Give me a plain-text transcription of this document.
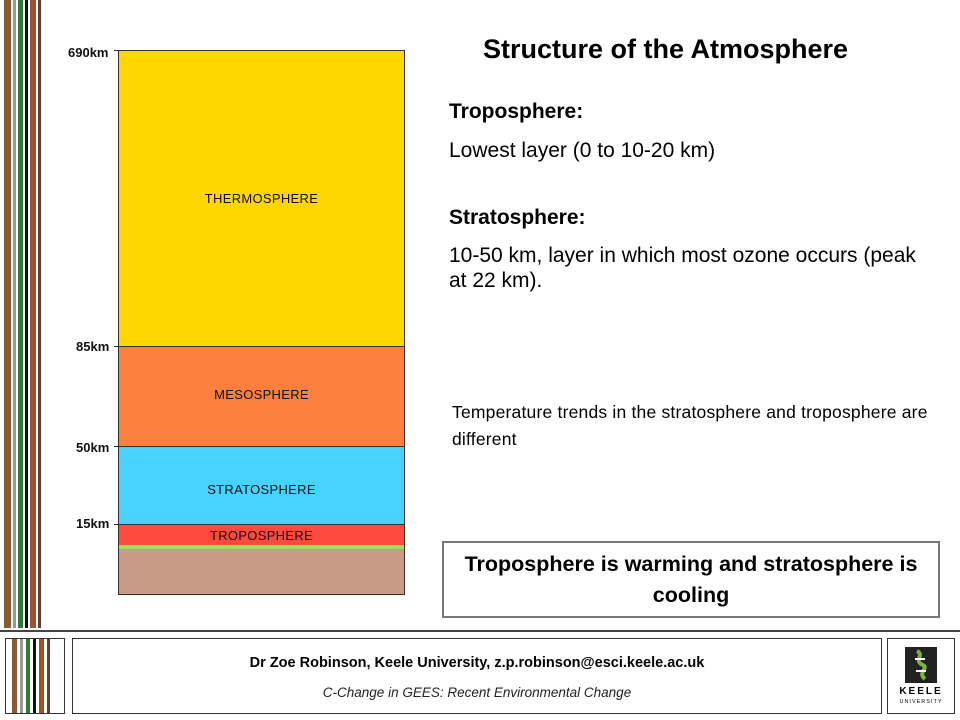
THERMOSPHERE
MESOSPHERE
STRATOSPHERE
TROPOSPHERE
690km
85km
50km
15km
Structure of the Atmosphere
Troposphere:
Lowest layer (0 to 10-20 km)
Stratosphere:
10-50 km, layer in which most ozone occurs (peak at 22 km).
Temperature trends in the stratosphere and troposphere are different
Troposphere is warming and stratosphere is cooling
Dr Zoe Robinson, Keele University, z.p.robinson@esci.keele.ac.uk
C-Change in GEES: Recent Environmental Change	KEELE
UNIVERSITY
